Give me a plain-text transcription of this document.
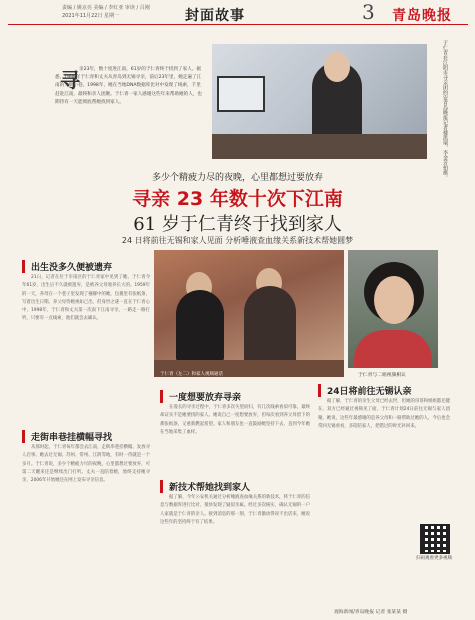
责编 / 姚京亮 美编 / 李红亚 审读 / 吕刚
2021年11月22日 星期一	封面故事	3 青岛晚报
寻 亲23年，数十度进江南，61岁的于仁青终于找到了家人。据悉，1998年于仁青和丈夫从青岛到无锡寻亲，前后23年里，她走遍了江南的大街小巷。1998年，她在当地DNA数据库比对中发现了线索，千里赶赴江南，最终和亲人团聚。于仁青一家人感谢这些年来帮助她的人，也期待有一天能彻底帮她找到家人。	于仁青在江阴市寻亲团的安青岛晚报记者楼凯瑞，李金芳拍摄。
多少个精疲力尽的夜晚，心里都想过要放弃
寻亲 23 年数十次下江南
61 岁于仁青终于找到家人
24 日将前往无锡和家人见面 分析唾液查血缘关系新技术帮她圆梦
出生没多久便被遗弃
21日，记者在位于市南区的于仁青家中见到了她。于仁青今年61岁，出生后不久就被遗弃，是被养父母收养长大的。1959年的一天，养母在一个巷子里发现了襁褓中的她，包裹里有张纸条，写着出生日期。养父母待她视如己出，但身世之谜一直在于仁青心中，1998年，于仁青和丈夫第一次南下江南寻亲，一路走一路打听，只要有一点线索，他们就会去确认。
走街串巷挂横幅寻找
从那时起，于仁青每年都会去江南，走街串巷挂横幅、发放寻人启事。她去过无锡、苏州、常州、江阴等地，有时一待就是一个多月。于仁青说，多少个精疲力尽的夜晚，心里都想过要放弃，可第二天醒来还是继续出门打听。丈夫一直陪着她，始终支持她寻亲，2006年开始她还在网上发布寻亲信息。
于仁青（左二）和家人视频通话	于仁青与二姐视频相认
一度想要放弃寻亲
在漫长的寻亲过程中，于仁青多次失望而归，有几次线索看似可靠，最终却证实不是她要找的家人。她说自己一度想要放弃，但每次看到养父母留下的那张纸条，又重新燃起希望。家人和朋友也一直鼓励她坚持下去，直到今年她在当地采集了血样。
新技术帮她找到家人
据了解，今年公安机关通过分析唾液查血缘关系的新技术，将于仁青的信息与数据库进行比对，很快发现了疑似亲属。经过多次核实，确认无锡的一户人家就是于仁青的亲人。接到消息的那一刻，于仁青激动得说不出话来，她说这些年的坚持终于有了结果。
24日将前往无锡认亲
据了解，于仁青的亲生父母已经去世，但她的哥哥和姐姐都还健在。双方已经通过视频见了面，于仁青计划24日前往无锡与家人团聚。她说，这些年最感谢的是养父母和一路帮助过她的人，今后也会常回无锡看看，多陪陪家人，把错过的时光补回来。
扫码观看更多视频
观海新闻/青岛晚报 记者 张某某 摄
